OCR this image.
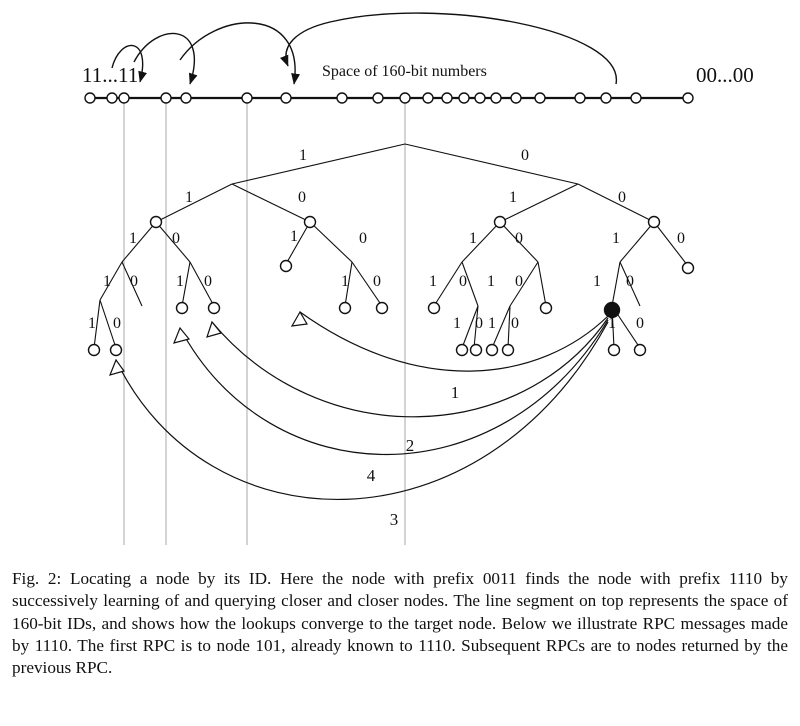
11...11	00...00
Space of 160-bit numbers
1	0
1	0	1	0
1 0	1	0	1 0	1	0
1 0 1 0	1 0	1 0 1 0	1 0
1 0	1 0 1 0	1 0
1
2
4
3
Fig. 2: Locating a node by its ID. Here the node with prefix 0011 finds the node with prefix 1110 by successively learning of and querying closer and closer nodes. The line segment on top represents the space of 160-bit IDs, and shows how the lookups converge to the target node. Below we illustrate RPC messages made by 1110. The first RPC is to node 101, already known to 1110. Subsequent RPCs are to nodes returned by the previous RPC.
